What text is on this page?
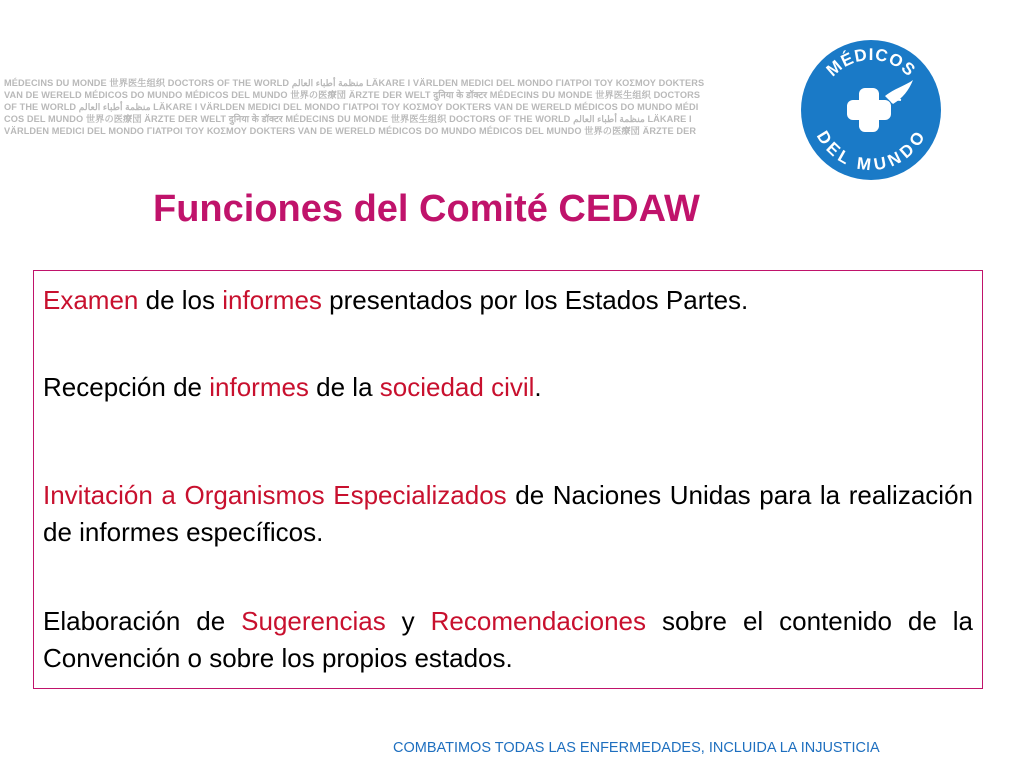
MÉDECINS DU MONDE 世界医生组织 DOCTORS OF THE WORLD منظمة أطباء العالم LÄKARE I VÄRLDEN MEDICI DEL MONDO ΓΙΑΤΡΟΙ ΤΟΥ ΚΟΣΜΟΥ DOKTERS
VAN DE WERELD MÉDICOS DO MUNDO MÉDICOS DEL MUNDO 世界の医療団 ÄRZTE DER WELT दुनिया के डॉक्टर MÉDECINS DU MONDE 世界医生组织 DOCTORS
OF THE WORLD منظمة أطباء العالم LÄKARE I VÄRLDEN MEDICI DEL MONDO ΓΙΑΤΡΟΙ ΤΟΥ ΚΟΣΜΟΥ DOKTERS VAN DE WERELD MÉDICOS DO MUNDO MÉDI
COS DEL MUNDO 世界の医療団 ÄRZTE DER WELT दुनिया के डॉक्टर MÉDECINS DU MONDE 世界医生组织 DOCTORS OF THE WORLD منظمة أطباء العالم LÄKARE I
VÄRLDEN MEDICI DEL MONDO ΓΙΑΤΡΟΙ ΤΟΥ ΚΟΣΜΟΥ DOKTERS VAN DE WERELD MÉDICOS DO MUNDO MÉDICOS DEL MUNDO 世界の医療団 ÄRZTE DER
MÉDICOS
DEL MUNDO
Funciones del Comité CEDAW
Examen de los informes presentados por los Estados Partes.
Recepción de informes de la sociedad civil.
Invitación a Organismos Especializados de Naciones Unidas para la realización de informes específicos.
Elaboración de Sugerencias y Recomendaciones sobre el contenido de la Convención o sobre los propios estados.
COMBATIMOS TODAS LAS ENFERMEDADES, INCLUIDA LA INJUSTICIA
